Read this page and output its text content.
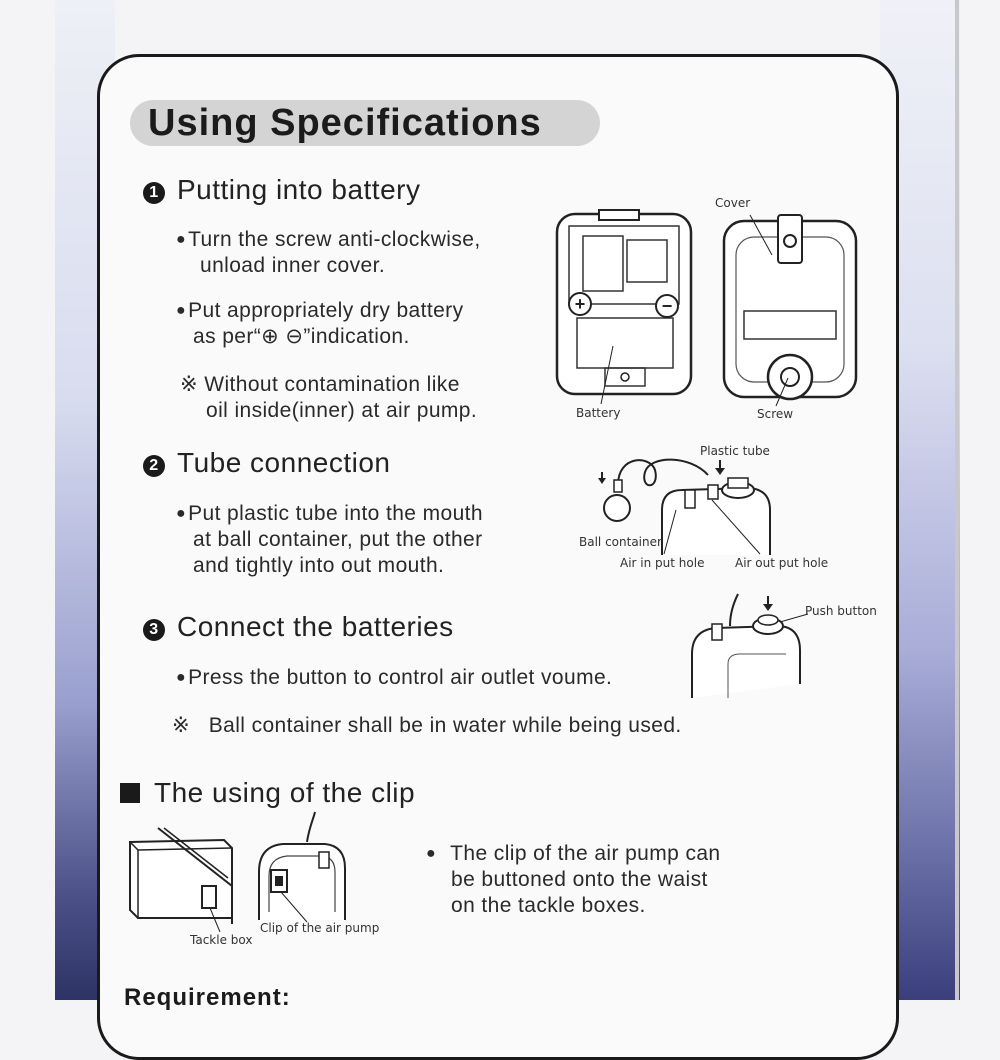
Using Specifications
1 Putting into battery
●Turn the screw anti-clockwise,
unload inner cover.
●Put appropriately dry battery
as per“⊕ ⊖”indication.
※ Without contamination like
oil inside(inner) at air pump.
+	−
Battery
Cover
Screw
2 Tube connection
●Put plastic tube into the mouth
at ball container, put the other
and tightly into out mouth.
Plastic tube
Ball container
Air in put hole	Air out put hole
3 Connect the batteries
●Press the button to control air outlet voume.
※ Ball container shall be in water while being used.
Push button
The using of the clip
Tackle box
Clip of the air pump
● The clip of the air pump can
be buttoned onto the waist
on the tackle boxes.
Requirement:
